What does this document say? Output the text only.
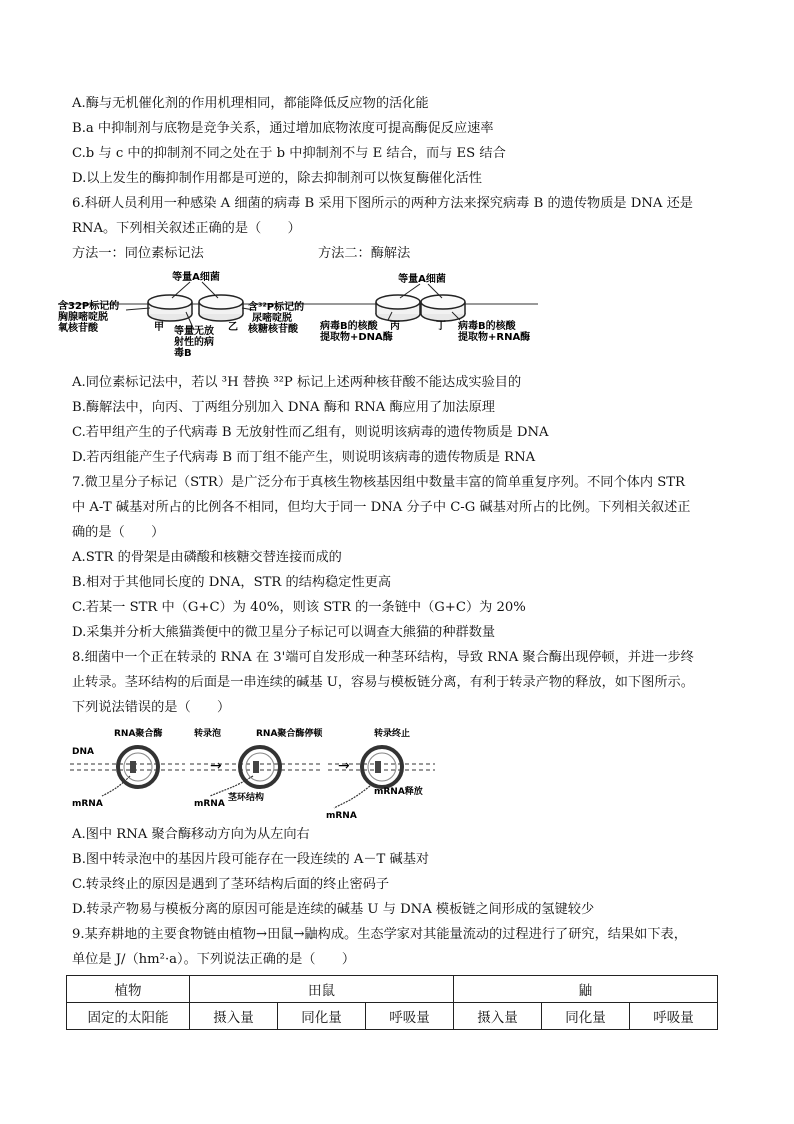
A.酶与无机催化剂的作用机理相同，都能降低反应物的活化能
B.a 中抑制剂与底物是竞争关系，通过增加底物浓度可提高酶促反应速率
C.b 与 c 中的抑制剂不同之处在于 b 中抑制剂不与 E 结合，而与 ES 结合
D.以上发生的酶抑制作用都是可逆的，除去抑制剂可以恢复酶催化活性
6.科研人员利用一种感染 A 细菌的病毒 B 采用下图所示的两种方法来探究病毒 B 的遗传物质是 DNA 还是
RNA。下列相关叙述正确的是（　　）
方法一：同位素标记法	方法二：酶解法
等量A细菌
含32P标记的
胸腺嘧啶脱
氧核苷酸	甲	乙
等量无放
射性的病
毒B
含³²P标记的
尿嘧啶脱
核糖核苷酸
等量A细菌
病毒B的核酸
提取物+DNA酶
丙	丁 病毒B的核酸
提取物+RNA酶
A.同位素标记法中，若以 ³H 替换 ³²P 标记上述两种核苷酸不能达成实验目的
B.酶解法中，向丙、丁两组分别加入 DNA 酶和 RNA 酶应用了加法原理
C.若甲组产生的子代病毒 B 无放射性而乙组有，则说明该病毒的遗传物质是 DNA
D.若丙组能产生子代病毒 B 而丁组不能产生，则说明该病毒的遗传物质是 RNA
7.微卫星分子标记（STR）是广泛分布于真核生物核基因组中数量丰富的简单重复序列。不同个体内 STR
中 A-T 碱基对所占的比例各不相同，但均大于同一 DNA 分子中 C-G 碱基对所占的比例。下列相关叙述正
确的是（　　）
A.STR 的骨架是由磷酸和核糖交替连接而成的
B.相对于其他同长度的 DNA，STR 的结构稳定性更高
C.若某一 STR 中（G+C）为 40%，则该 STR 的一条链中（G+C）为 20%
D.采集并分析大熊猫粪便中的微卫星分子标记可以调查大熊猫的种群数量
8.细菌中一个正在转录的 RNA 在 3'端可自发形成一种茎环结构，导致 RNA 聚合酶出现停顿，并进一步终
止转录。茎环结构的后面是一串连续的碱基 U，容易与模板链分离，有利于转录产物的释放，如下图所示。
下列说法错误的是（　　）
→	→
DNA
RNA聚合酶
mRNA
转录泡	RNA聚合酶停顿
mRNA
茎环结构
转录终止
mRNA释放
mRNA
A.图中 RNA 聚合酶移动方向为从左向右
B.图中转录泡中的基因片段可能存在一段连续的 A－T 碱基对
C.转录终止的原因是遇到了茎环结构后面的终止密码子
D.转录产物易与模板分离的原因可能是连续的碱基 U 与 DNA 模板链之间形成的氢键较少
9.某弃耕地的主要食物链由植物→田鼠→鼬构成。生态学家对其能量流动的过程进行了研究，结果如下表，
单位是 J/（hm²·a）。下列说法正确的是（　　）
植物	田鼠			鼬		
固定的太阳能	摄入量	同化量	呼吸量	摄入量	同化量	呼吸量
